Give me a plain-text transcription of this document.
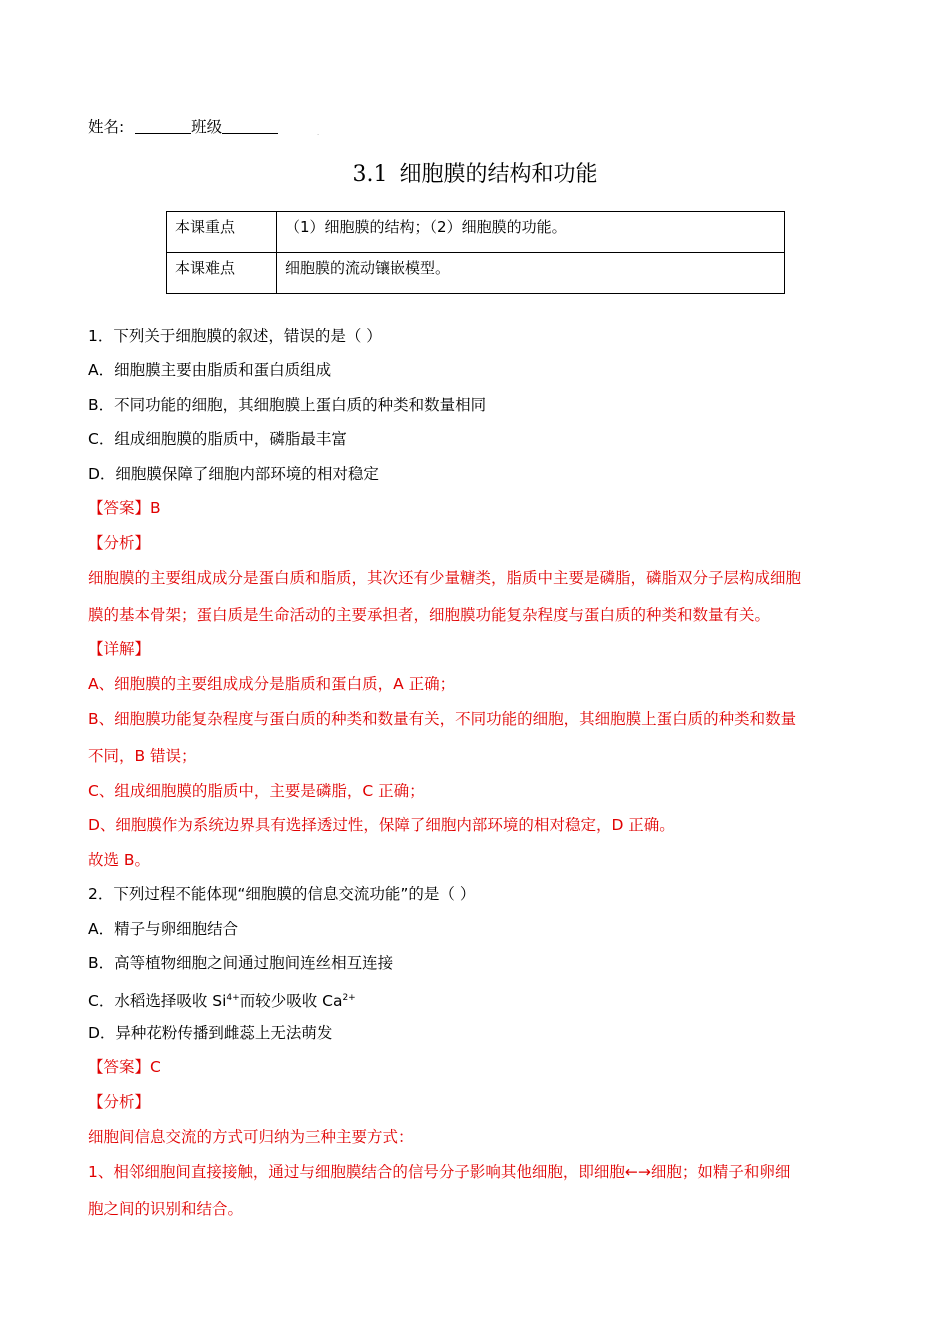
姓名:	班级	˯
3.1 细胞膜的结构和功能
本课重点	（1）细胞膜的结构；（2）细胞膜的功能。
本课难点	细胞膜的流动镶嵌模型。
1．下列关于细胞膜的叙述，错误的是（ ）
A．细胞膜主要由脂质和蛋白质组成
B．不同功能的细胞，其细胞膜上蛋白质的种类和数量相同
C．组成细胞膜的脂质中，磷脂最丰富
D．细胞膜保障了细胞内部环境的相对稳定
【答案】B
【分析】
细胞膜的主要组成成分是蛋白质和脂质，其次还有少量糖类，脂质中主要是磷脂，磷脂双分子层构成细胞
膜的基本骨架；蛋白质是生命活动的主要承担者，细胞膜功能复杂程度与蛋白质的种类和数量有关。
【详解】
A、细胞膜的主要组成成分是脂质和蛋白质，A 正确；
B、细胞膜功能复杂程度与蛋白质的种类和数量有关，不同功能的细胞，其细胞膜上蛋白质的种类和数量
不同，B 错误；
C、组成细胞膜的脂质中，主要是磷脂，C 正确；
D、细胞膜作为系统边界具有选择透过性，保障了细胞内部环境的相对稳定，D 正确。
故选 B。
2．下列过程不能体现“细胞膜的信息交流功能”的是（ ）
A．精子与卵细胞结合
B．高等植物细胞之间通过胞间连丝相互连接
C．水稻选择吸收 $Si^{4+}$而较少吸收 $Ca^{2+}$
D．异种花粉传播到雌蕊上无法萌发
【答案】C
【分析】
细胞间信息交流的方式可归纳为三种主要方式：
1、相邻细胞间直接接触，通过与细胞膜结合的信号分子影响其他细胞，即细胞←→细胞；如精子和卵细
胞之间的识别和结合。
